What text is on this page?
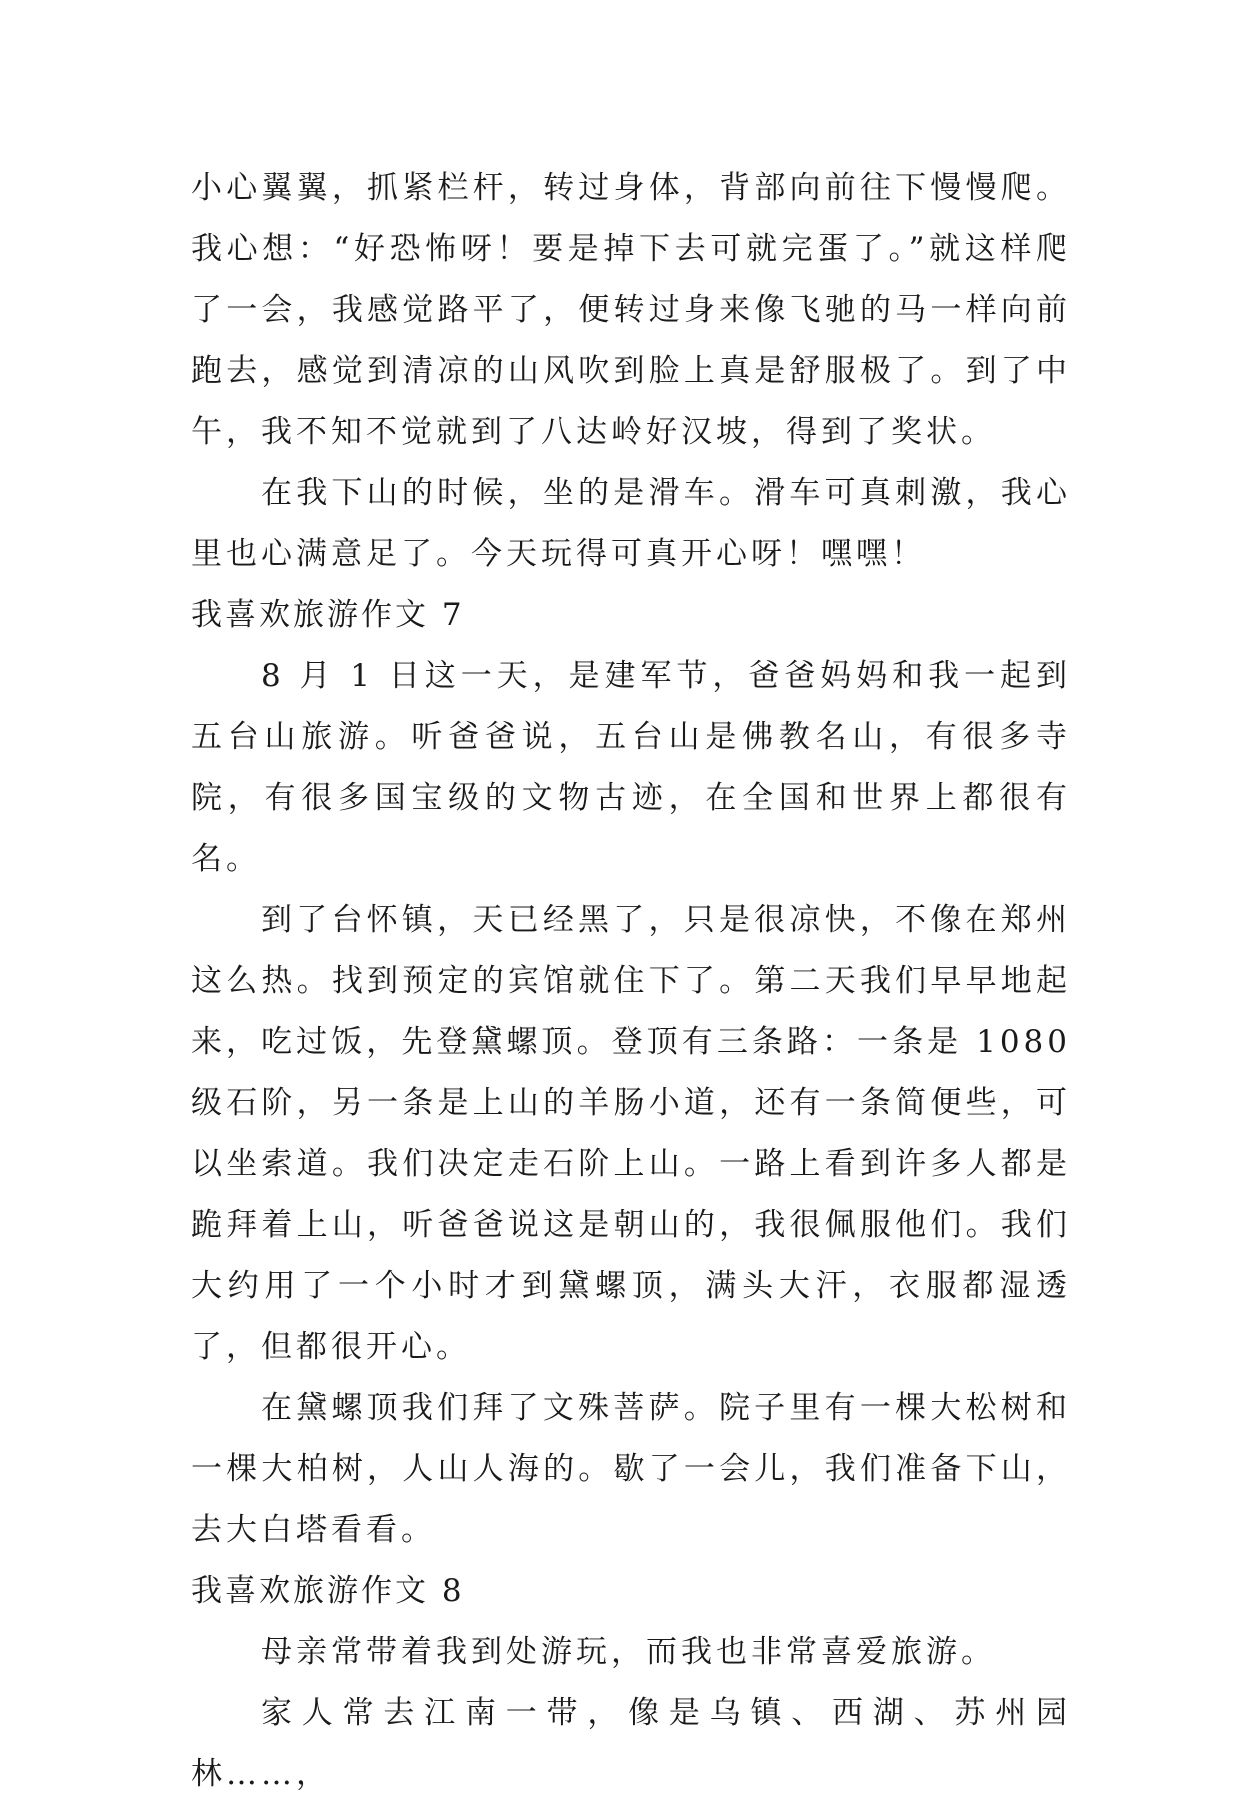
小心翼翼，抓紧栏杆，转过身体，背部向前往下慢慢爬。我心想：“好恐怖呀！要是掉下去可就完蛋了。”就这样爬了一会，我感觉路平了，便转过身来像飞驰的马一样向前跑去，感觉到清凉的山风吹到脸上真是舒服极了。到了中午，我不知不觉就到了八达岭好汉坡，得到了奖状。

在我下山的时候，坐的是滑车。滑车可真刺激，我心里也心满意足了。今天玩得可真开心呀！嘿嘿！

我喜欢旅游作文 7

8 月 1 日这一天，是建军节，爸爸妈妈和我一起到五台山旅游。听爸爸说，五台山是佛教名山，有很多寺院，有很多国宝级的文物古迹，在全国和世界上都很有名。

到了台怀镇，天已经黑了，只是很凉快，不像在郑州这么热。找到预定的宾馆就住下了。第二天我们早早地起来，吃过饭，先登黛螺顶。登顶有三条路：一条是 1080 级石阶，另一条是上山的羊肠小道，还有一条简便些，可以坐索道。我们决定走石阶上山。一路上看到许多人都是跪拜着上山，听爸爸说这是朝山的，我很佩服他们。我们大约用了一个小时才到黛螺顶，满头大汗，衣服都湿透了，但都很开心。

在黛螺顶我们拜了文殊菩萨。院子里有一棵大松树和一棵大柏树，人山人海的。歇了一会儿，我们准备下山，去大白塔看看。

我喜欢旅游作文 8

母亲常带着我到处游玩，而我也非常喜爱旅游。

家人常去江南一带，像是乌镇、西湖、苏州园林……，
